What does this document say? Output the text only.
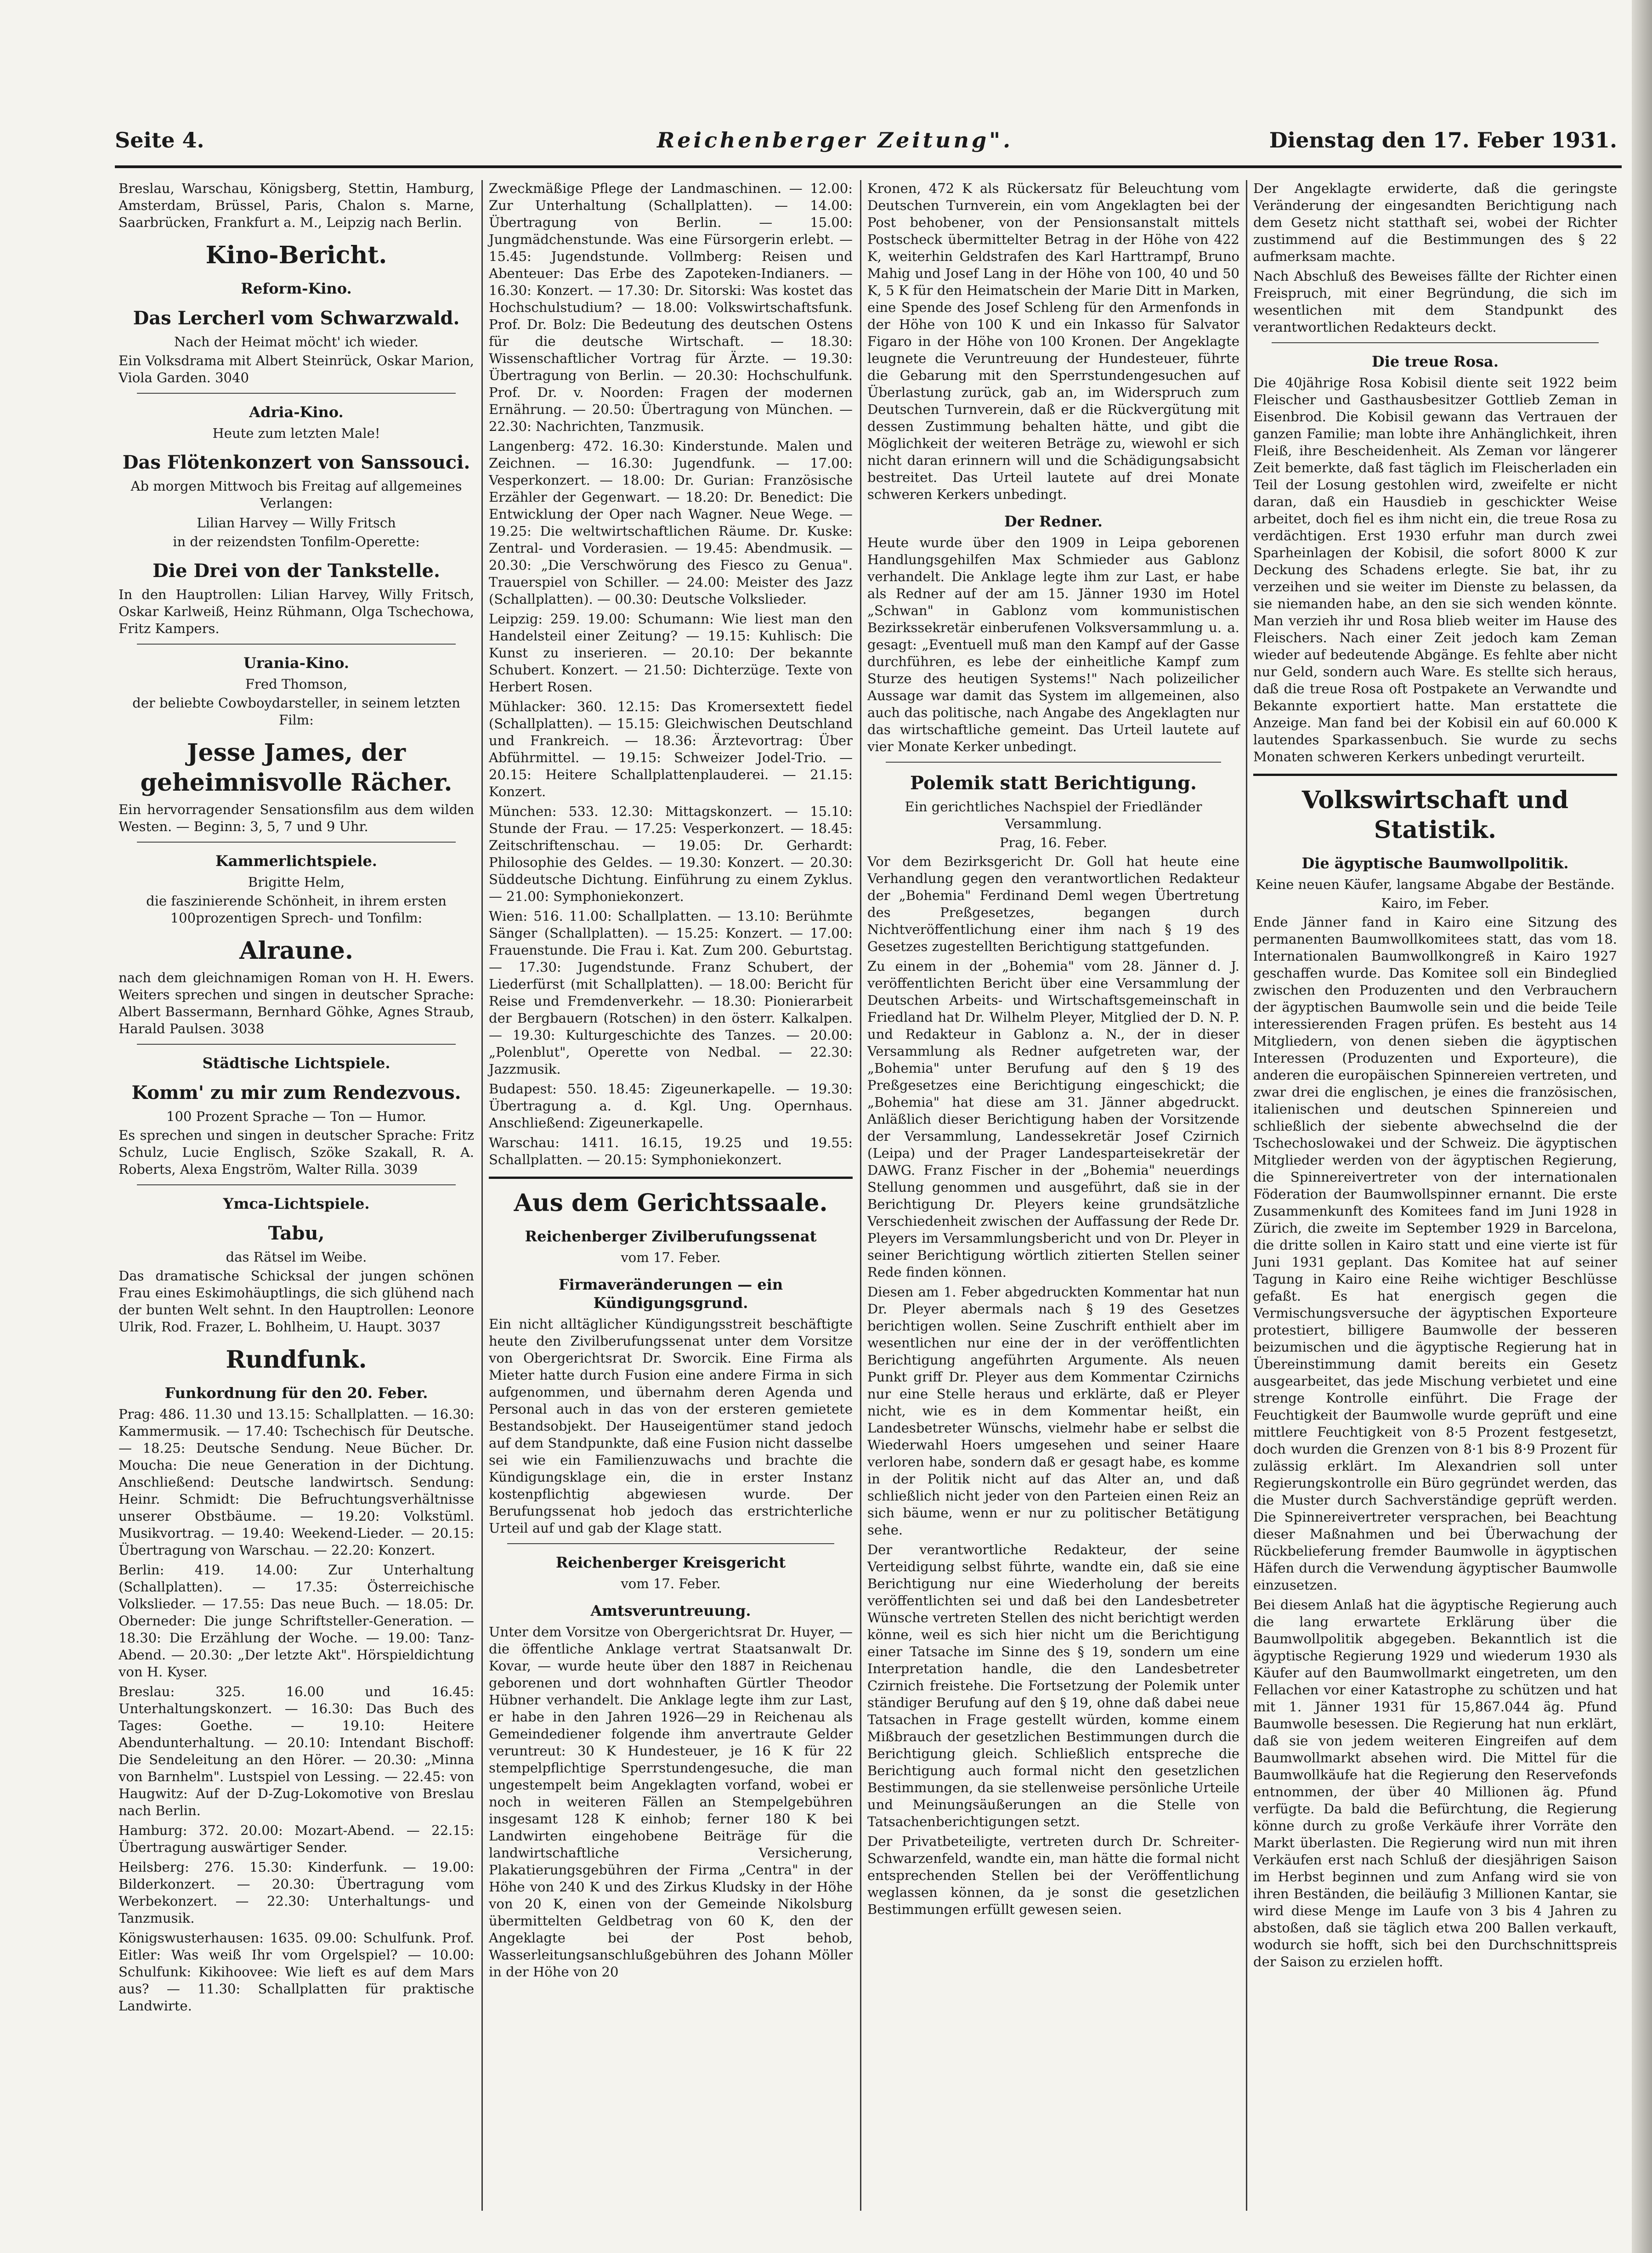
Seite 4.	Reichenberger Zeitung".	Dienstag den 17. Feber 1931.
Breslau, Warschau, Königsberg, Stettin, Hamburg, Amsterdam, Brüssel, Paris, Chalon s. Marne, Saarbrücken, Frankfurt a. M., Leipzig nach Berlin.
Kino-Bericht.
Reform-Kino.
Das Lercherl vom Schwarzwald.
Nach der Heimat möcht' ich wieder.

Ein Volksdrama mit Albert Steinrück, Oskar Marion, Viola Garden. 3040

Adria-Kino.
Heute zum letzten Male!
Das Flötenkonzert von Sanssouci.

Ab morgen Mittwoch bis Freitag auf allgemeines Verlangen:

Lilian Harvey — Willy Fritsch
in der reizendsten Tonfilm-Operette:
Die Drei von der Tankstelle.

In den Hauptrollen: Lilian Harvey, Willy Fritsch, Oskar Karlweiß, Heinz Rühmann, Olga Tschechowa, Fritz Kampers.

Urania-Kino.
Fred Thomson,
der beliebte Cowboydarsteller, in seinem letzten Film:
Jesse James, der geheimnisvolle Rächer.

Ein hervorragender Sensationsfilm aus dem wilden Westen. — Beginn: 3, 5, 7 und 9 Uhr.

Kammerlichtspiele.
Brigitte Helm,
die faszinierende Schönheit, in ihrem ersten 100prozentigen Sprech- und Tonfilm:
Alraune.

nach dem gleichnamigen Roman von H. H. Ewers. Weiters sprechen und singen in deutscher Sprache: Albert Bassermann, Bernhard Göhke, Agnes Straub, Harald Paulsen. 3038

Städtische Lichtspiele.
Komm' zu mir zum Rendezvous.
100 Prozent Sprache — Ton — Humor.

Es sprechen und singen in deutscher Sprache: Fritz Schulz, Lucie Englisch, Szöke Szakall, R. A. Roberts, Alexa Engström, Walter Rilla. 3039

Ymca-Lichtspiele.
Tabu,
das Rätsel im Weibe.

Das dramatische Schicksal der jungen schönen Frau eines Eskimohäuptlings, die sich glühend nach der bunten Welt sehnt. In den Hauptrollen: Leonore Ulrik, Rod. Frazer, L. Bohlheim, U. Haupt. 3037

Rundfunk.
Funkordnung für den 20. Feber.

Prag: 486. 11.30 und 13.15: Schallplatten. — 16.30: Kammermusik. — 17.40: Tschechisch für Deutsche. — 18.25: Deutsche Sendung. Neue Bücher. Dr. Moucha: Die neue Generation in der Dichtung. Anschließend: Deutsche landwirtsch. Sendung: Heinr. Schmidt: Die Befruchtungsverhältnisse unserer Obstbäume. — 19.20: Volkstüml. Musikvortrag. — 19.40: Weekend-Lieder. — 20.15: Übertragung von Warschau. — 22.20: Konzert.

Berlin: 419. 14.00: Zur Unterhaltung (Schallplatten). — 17.35: Österreichische Volkslieder. — 17.55: Das neue Buch. — 18.05: Dr. Oberneder: Die junge Schriftsteller-Generation. — 18.30: Die Erzählung der Woche. — 19.00: Tanz-Abend. — 20.30: „Der letzte Akt". Hörspieldichtung von H. Kyser.

Breslau: 325. 16.00 und 16.45: Unterhaltungskonzert. — 16.30: Das Buch des Tages: Goethe. — 19.10: Heitere Abendunterhaltung. — 20.10: Intendant Bischoff: Die Sendeleitung an den Hörer. — 20.30: „Minna von Barnhelm". Lustspiel von Lessing. — 22.45: von Haugwitz: Auf der D-Zug-Lokomotive von Breslau nach Berlin.

Hamburg: 372. 20.00: Mozart-Abend. — 22.15: Übertragung auswärtiger Sender.

Heilsberg: 276. 15.30: Kinderfunk. — 19.00: Bilderkonzert. — 20.30: Übertragung vom Werbekonzert. — 22.30: Unterhaltungs- und Tanzmusik.

Königswusterhausen: 1635. 09.00: Schulfunk. Prof. Eitler: Was weiß Ihr vom Orgelspiel? — 10.00: Schulfunk: Kikihoovee: Wie lieft es auf dem Mars aus? — 11.30: Schallplatten für praktische Landwirte.

Zweckmäßige Pflege der Landmaschinen. — 12.00: Zur Unterhaltung (Schallplatten). — 14.00: Übertragung von Berlin. — 15.00: Jungmädchenstunde. Was eine Fürsorgerin erlebt. — 15.45: Jugendstunde. Vollmberg: Reisen und Abenteuer: Das Erbe des Zapoteken-Indianers. — 16.30: Konzert. — 17.30: Dr. Sitorski: Was kostet das Hochschulstudium? — 18.00: Volkswirtschaftsfunk. Prof. Dr. Bolz: Die Bedeutung des deutschen Ostens für die deutsche Wirtschaft. — 18.30: Wissenschaftlicher Vortrag für Ärzte. — 19.30: Übertragung von Berlin. — 20.30: Hochschulfunk. Prof. Dr. v. Noorden: Fragen der modernen Ernährung. — 20.50: Übertragung von München. — 22.30: Nachrichten, Tanzmusik.

Langenberg: 472. 16.30: Kinderstunde. Malen und Zeichnen. — 16.30: Jugendfunk. — 17.00: Vesperkonzert. — 18.00: Dr. Gurian: Französische Erzähler der Gegenwart. — 18.20: Dr. Benedict: Die Entwicklung der Oper nach Wagner. Neue Wege. — 19.25: Die weltwirtschaftlichen Räume. Dr. Kuske: Zentral- und Vorderasien. — 19.45: Abendmusik. — 20.30: „Die Verschwörung des Fiesco zu Genua". Trauerspiel von Schiller. — 24.00: Meister des Jazz (Schallplatten). — 00.30: Deutsche Volkslieder.

Leipzig: 259. 19.00: Schumann: Wie liest man den Handelsteil einer Zeitung? — 19.15: Kuhlisch: Die Kunst zu inserieren. — 20.10: Der bekannte Schubert. Konzert. — 21.50: Dichterzüge. Texte von Herbert Rosen.

Mühlacker: 360. 12.15: Das Kromersextett fiedel (Schallplatten). — 15.15: Gleichwischen Deutschland und Frankreich. — 18.36: Ärztevortrag: Über Abführmittel. — 19.15: Schweizer Jodel-Trio. — 20.15: Heitere Schallplattenplauderei. — 21.15: Konzert.

München: 533. 12.30: Mittagskonzert. — 15.10: Stunde der Frau. — 17.25: Vesperkonzert. — 18.45: Zeitschriftenschau. — 19.05: Dr. Gerhardt: Philosophie des Geldes. — 19.30: Konzert. — 20.30: Süddeutsche Dichtung. Einführung zu einem Zyklus. — 21.00: Symphoniekonzert.

Wien: 516. 11.00: Schallplatten. — 13.10: Berühmte Sänger (Schallplatten). — 15.25: Konzert. — 17.00: Frauenstunde. Die Frau i. Kat. Zum 200. Geburtstag. — 17.30: Jugendstunde. Franz Schubert, der Liederfürst (mit Schallplatten). — 18.00: Bericht für Reise und Fremdenverkehr. — 18.30: Pionierarbeit der Bergbauern (Rotschen) in den österr. Kalkalpen. — 19.30: Kulturgeschichte des Tanzes. — 20.00: „Polenblut", Operette von Nedbal. — 22.30: Jazzmusik.

Budapest: 550. 18.45: Zigeunerkapelle. — 19.30: Übertragung a. d. Kgl. Ung. Opernhaus. Anschließend: Zigeunerkapelle.

Warschau: 1411. 16.15, 19.25 und 19.55: Schallplatten. — 20.15: Symphoniekonzert.

Aus dem Gerichtssaale.
Reichenberger Zivilberufungssenat
vom 17. Feber.
Firmaveränderungen — ein Kündigungsgrund.

Ein nicht alltäglicher Kündigungsstreit beschäftigte heute den Zivilberufungssenat unter dem Vorsitze von Obergerichtsrat Dr. Sworcik. Eine Firma als Mieter hatte durch Fusion eine andere Firma in sich aufgenommen, und übernahm deren Agenda und Personal auch in das von der ersteren gemietete Bestandsobjekt. Der Hauseigentümer stand jedoch auf dem Standpunkte, daß eine Fusion nicht dasselbe sei wie ein Familienzuwachs und brachte die Kündigungsklage ein, die in erster Instanz kostenpflichtig abgewiesen wurde. Der Berufungssenat hob jedoch das erstrichterliche Urteil auf und gab der Klage statt.

Reichenberger Kreisgericht
vom 17. Feber.
Amtsveruntreuung.

Unter dem Vorsitze von Obergerichtsrat Dr. Huyer, — die öffentliche Anklage vertrat Staatsanwalt Dr. Kovar, — wurde heute über den 1887 in Reichenau geborenen und dort wohnhaften Gürtler Theodor Hübner verhandelt. Die Anklage legte ihm zur Last, er habe in den Jahren 1926—29 in Reichenau als Gemeindediener folgende ihm anvertraute Gelder veruntreut: 30 K Hundesteuer, je 16 K für 22 stempelpflichtige Sperrstundengesuche, die man ungestempelt beim Angeklagten vorfand, wobei er noch in weiteren Fällen an Stempelgebühren insgesamt 128 K einhob; ferner 180 K bei Landwirten eingehobene Beiträge für die landwirtschaftliche Versicherung, Plakatierungsgebühren der Firma „Centra" in der Höhe von 240 K und des Zirkus Kludsky in der Höhe von 20 K, einen von der Gemeinde Nikolsburg übermittelten Geldbetrag von 60 K, den der Angeklagte bei der Post behob, Wasserleitungsanschlußgebühren des Johann Möller in der Höhe von 20

Kronen, 472 K als Rückersatz für Beleuchtung vom Deutschen Turnverein, ein vom Angeklagten bei der Post behobener, von der Pensionsanstalt mittels Postscheck übermittelter Betrag in der Höhe von 422 K, weiterhin Geldstrafen des Karl Harttrampf, Bruno Mahig und Josef Lang in der Höhe von 100, 40 und 50 K, 5 K für den Heimatschein der Marie Ditt in Marken, eine Spende des Josef Schleng für den Armenfonds in der Höhe von 100 K und ein Inkasso für Salvator Figaro in der Höhe von 100 Kronen. Der Angeklagte leugnete die Veruntreuung der Hundesteuer, führte die Gebarung mit den Sperrstundengesuchen auf Überlastung zurück, gab an, im Widerspruch zum Deutschen Turnverein, daß er die Rückvergütung mit dessen Zustimmung behalten hätte, und gibt die Möglichkeit der weiteren Beträge zu, wiewohl er sich nicht daran erinnern will und die Schädigungsabsicht bestreitet. Das Urteil lautete auf drei Monate schweren Kerkers unbedingt.

Der Redner.

Heute wurde über den 1909 in Leipa geborenen Handlungsgehilfen Max Schmieder aus Gablonz verhandelt. Die Anklage legte ihm zur Last, er habe als Redner auf der am 15. Jänner 1930 im Hotel „Schwan" in Gablonz vom kommunistischen Bezirkssekretär einberufenen Volksversammlung u. a. gesagt: „Eventuell muß man den Kampf auf der Gasse durchführen, es lebe der einheitliche Kampf zum Sturze des heutigen Systems!" Nach polizeilicher Aussage war damit das System im allgemeinen, also auch das politische, nach Angabe des Angeklagten nur das wirtschaftliche gemeint. Das Urteil lautete auf vier Monate Kerker unbedingt.

Polemik statt Berichtigung.
Ein gerichtliches Nachspiel der Friedländer Versammlung.
Prag, 16. Feber.

Vor dem Bezirksgericht Dr. Goll hat heute eine Verhandlung gegen den verantwortlichen Redakteur der „Bohemia" Ferdinand Deml wegen Übertretung des Preßgesetzes, begangen durch Nichtveröffentlichung einer ihm nach § 19 des Gesetzes zugestellten Berichtigung stattgefunden.

Zu einem in der „Bohemia" vom 28. Jänner d. J. veröffentlichten Bericht über eine Versammlung der Deutschen Arbeits- und Wirtschaftsgemeinschaft in Friedland hat Dr. Wilhelm Pleyer, Mitglied der D. N. P. und Redakteur in Gablonz a. N., der in dieser Versammlung als Redner aufgetreten war, der „Bohemia" unter Berufung auf den § 19 des Preßgesetzes eine Berichtigung eingeschickt; die „Bohemia" hat diese am 31. Jänner abgedruckt. Anläßlich dieser Berichtigung haben der Vorsitzende der Versammlung, Landessekretär Josef Czirnich (Leipa) und der Prager Landesparteisekretär der DAWG. Franz Fischer in der „Bohemia" neuerdings Stellung genommen und ausgeführt, daß sie in der Berichtigung Dr. Pleyers keine grundsätzliche Verschiedenheit zwischen der Auffassung der Rede Dr. Pleyers im Versammlungsbericht und von Dr. Pleyer in seiner Berichtigung wörtlich zitierten Stellen seiner Rede finden können.

Diesen am 1. Feber abgedruckten Kommentar hat nun Dr. Pleyer abermals nach § 19 des Gesetzes berichtigen wollen. Seine Zuschrift enthielt aber im wesentlichen nur eine der in der veröffentlichten Berichtigung angeführten Argumente. Als neuen Punkt griff Dr. Pleyer aus dem Kommentar Czirnichs nur eine Stelle heraus und erklärte, daß er Pleyer nicht, wie es in dem Kommentar heißt, ein Landesbetreter Wünschs, vielmehr habe er selbst die Wiederwahl Hoers umgesehen und seiner Haare verloren habe, sondern daß er gesagt habe, es komme in der Politik nicht auf das Alter an, und daß schließlich nicht jeder von den Parteien einen Reiz an sich bäume, wenn er nur zu politischer Betätigung sehe.

Der verantwortliche Redakteur, der seine Verteidigung selbst führte, wandte ein, daß sie eine Berichtigung nur eine Wiederholung der bereits veröffentlichten sei und daß bei den Landesbetreter Wünsche vertreten Stellen des nicht berichtigt werden könne, weil es sich hier nicht um die Berichtigung einer Tatsache im Sinne des § 19, sondern um eine Interpretation handle, die den Landesbetreter Czirnich freistehe. Die Fortsetzung der Polemik unter ständiger Berufung auf den § 19, ohne daß dabei neue Tatsachen in Frage gestellt würden, komme einem Mißbrauch der gesetzlichen Bestimmungen durch die Berichtigung gleich. Schließlich entspreche die Berichtigung auch formal nicht den gesetzlichen Bestimmungen, da sie stellenweise persönliche Urteile und Meinungsäußerungen an die Stelle von Tatsachenberichtigungen setzt.

Der Privatbeteiligte, vertreten durch Dr. Schreiter-Schwarzenfeld, wandte ein, man hätte die formal nicht entsprechenden Stellen bei der Veröffentlichung weglassen können, da je sonst die gesetzlichen Bestimmungen erfüllt gewesen seien.

Der Angeklagte erwiderte, daß die geringste Veränderung der eingesandten Berichtigung nach dem Gesetz nicht statthaft sei, wobei der Richter zustimmend auf die Bestimmungen des § 22 aufmerksam machte.

Nach Abschluß des Beweises fällte der Richter einen Freispruch, mit einer Begründung, die sich im wesentlichen mit dem Standpunkt des verantwortlichen Redakteurs deckt.

Die treue Rosa.

Die 40jährige Rosa Kobisil diente seit 1922 beim Fleischer und Gasthausbesitzer Gottlieb Zeman in Eisenbrod. Die Kobisil gewann das Vertrauen der ganzen Familie; man lobte ihre Anhänglichkeit, ihren Fleiß, ihre Bescheidenheit. Als Zeman vor längerer Zeit bemerkte, daß fast täglich im Fleischerladen ein Teil der Losung gestohlen wird, zweifelte er nicht daran, daß ein Hausdieb in geschickter Weise arbeitet, doch fiel es ihm nicht ein, die treue Rosa zu verdächtigen. Erst 1930 erfuhr man durch zwei Sparheinlagen der Kobisil, die sofort 8000 K zur Deckung des Schadens erlegte. Sie bat, ihr zu verzeihen und sie weiter im Dienste zu belassen, da sie niemanden habe, an den sie sich wenden könnte. Man verzieh ihr und Rosa blieb weiter im Hause des Fleischers. Nach einer Zeit jedoch kam Zeman wieder auf bedeutende Abgänge. Es fehlte aber nicht nur Geld, sondern auch Ware. Es stellte sich heraus, daß die treue Rosa oft Postpakete an Verwandte und Bekannte exportiert hatte. Man erstattete die Anzeige. Man fand bei der Kobisil ein auf 60.000 K lautendes Sparkassenbuch. Sie wurde zu sechs Monaten schweren Kerkers unbedingt verurteilt.

Volkswirtschaft und Statistik.
Die ägyptische Baumwollpolitik.
Keine neuen Käufer, langsame Abgabe der Bestände.
Kairo, im Feber.

Ende Jänner fand in Kairo eine Sitzung des permanenten Baumwollkomitees statt, das vom 18. Internationalen Baumwollkongreß in Kairo 1927 geschaffen wurde. Das Komitee soll ein Bindeglied zwischen den Produzenten und den Verbrauchern der ägyptischen Baumwolle sein und die beide Teile interessierenden Fragen prüfen. Es besteht aus 14 Mitgliedern, von denen sieben die ägyptischen Interessen (Produzenten und Exporteure), die anderen die europäischen Spinnereien vertreten, und zwar drei die englischen, je eines die französischen, italienischen und deutschen Spinnereien und schließlich der siebente abwechselnd die der Tschechoslowakei und der Schweiz. Die ägyptischen Mitglieder werden von der ägyptischen Regierung, die Spinnereivertreter von der internationalen Föderation der Baumwollspinner ernannt. Die erste Zusammenkunft des Komitees fand im Juni 1928 in Zürich, die zweite im September 1929 in Barcelona, die dritte sollen in Kairo statt und eine vierte ist für Juni 1931 geplant. Das Komitee hat auf seiner Tagung in Kairo eine Reihe wichtiger Beschlüsse gefaßt. Es hat energisch gegen die Vermischungsversuche der ägyptischen Exporteure protestiert, billigere Baumwolle der besseren beizumischen und die ägyptische Regierung hat in Übereinstimmung damit bereits ein Gesetz ausgearbeitet, das jede Mischung verbietet und eine strenge Kontrolle einführt. Die Frage der Feuchtigkeit der Baumwolle wurde geprüft und eine mittlere Feuchtigkeit von 8·5 Prozent festgesetzt, doch wurden die Grenzen von 8·1 bis 8·9 Prozent für zulässig erklärt. Im Alexandrien soll unter Regierungskontrolle ein Büro gegründet werden, das die Muster durch Sachverständige geprüft werden. Die Spinnereivertreter versprachen, bei Beachtung dieser Maßnahmen und bei Überwachung der Rückbelieferung fremder Baumwolle in ägyptischen Häfen durch die Verwendung ägyptischer Baumwolle einzusetzen.

Bei diesem Anlaß hat die ägyptische Regierung auch die lang erwartete Erklärung über die Baumwollpolitik abgegeben. Bekanntlich ist die ägyptische Regierung 1929 und wiederum 1930 als Käufer auf den Baumwollmarkt eingetreten, um den Fellachen vor einer Katastrophe zu schützen und hat mit 1. Jänner 1931 für 15,867.044 äg. Pfund Baumwolle besessen. Die Regierung hat nun erklärt, daß sie von jedem weiteren Eingreifen auf dem Baumwollmarkt absehen wird. Die Mittel für die Baumwollkäufe hat die Regierung den Reservefonds entnommen, der über 40 Millionen äg. Pfund verfügte. Da bald die Befürchtung, die Regierung könne durch zu große Verkäufe ihrer Vorräte den Markt überlasten. Die Regierung wird nun mit ihren Verkäufen erst nach Schluß der diesjährigen Saison im Herbst beginnen und zum Anfang wird sie von ihren Beständen, die beiläufig 3 Millionen Kantar, sie wird diese Menge im Laufe von 3 bis 4 Jahren zu abstoßen, daß sie täglich etwa 200 Ballen verkauft, wodurch sie hofft, sich bei den Durchschnittspreis der Saison zu erzielen hofft.
